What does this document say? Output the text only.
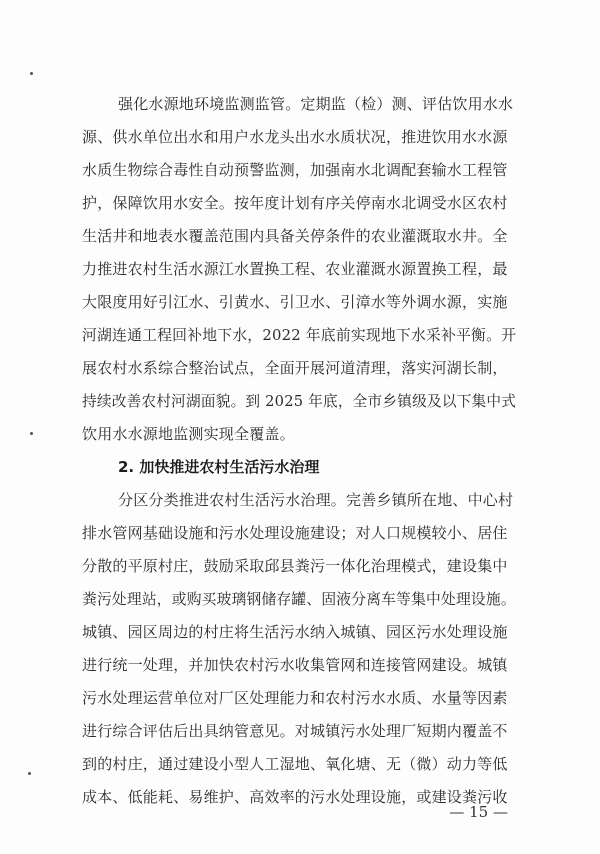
强化水源地环境监测监管。定期监（检）测、评估饮用水水
源、供水单位出水和用户水龙头出水水质状况，推进饮用水水源
水质生物综合毒性自动预警监测，加强南水北调配套输水工程管
护，保障饮用水安全。按年度计划有序关停南水北调受水区农村
生活井和地表水覆盖范围内具备关停条件的农业灌溉取水井。全
力推进农村生活水源江水置换工程、农业灌溉水源置换工程，最
大限度用好引江水、引黄水、引卫水、引漳水等外调水源，实施
河湖连通工程回补地下水，2022 年底前实现地下水采补平衡。开
展农村水系综合整治试点，全面开展河道清理，落实河湖长制，
持续改善农村河湖面貌。到 2025 年底，全市乡镇级及以下集中式
饮用水水源地监测实现全覆盖。
2. 加快推进农村生活污水治理
分区分类推进农村生活污水治理。完善乡镇所在地、中心村
排水管网基础设施和污水处理设施建设；对人口规模较小、居住
分散的平原村庄，鼓励采取邱县粪污一体化治理模式，建设集中
粪污处理站，或购买玻璃钢储存罐、固液分离车等集中处理设施。
城镇、园区周边的村庄将生活污水纳入城镇、园区污水处理设施
进行统一处理，并加快农村污水收集管网和连接管网建设。城镇
污水处理运营单位对厂区处理能力和农村污水水质、水量等因素
进行综合评估后出具纳管意见。对城镇污水处理厂短期内覆盖不
到的村庄，通过建设小型人工湿地、氧化塘、无（微）动力等低
成本、低能耗、易维护、高效率的污水处理设施，或建设粪污收
— 15 —
